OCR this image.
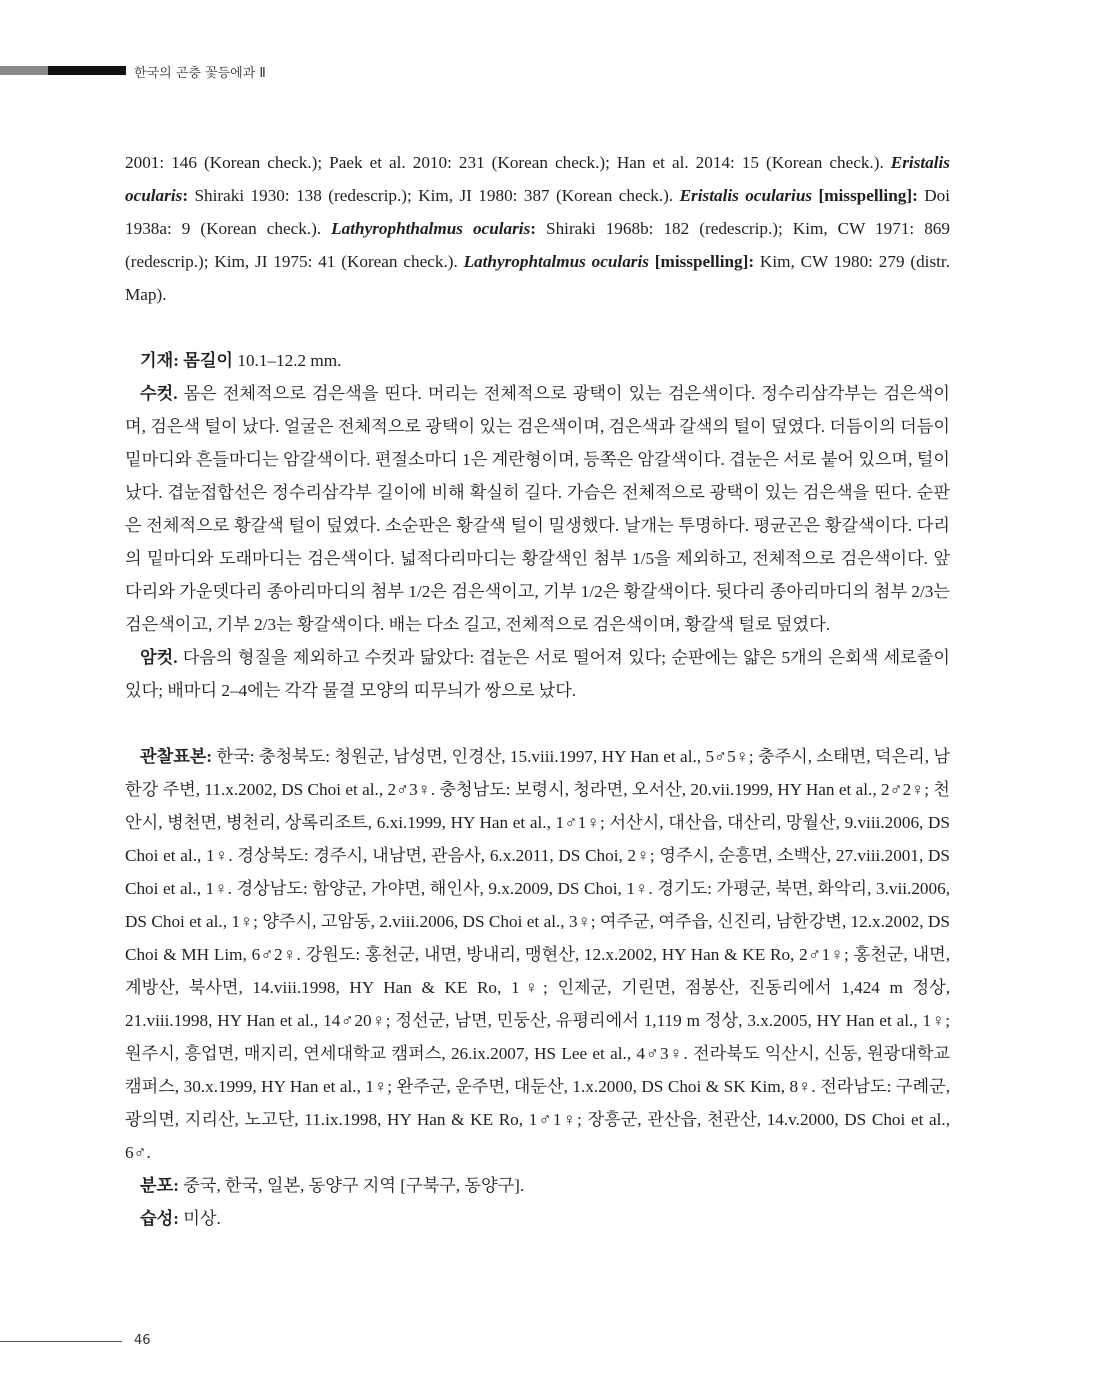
한국의 곤충 꽃등에과 Ⅱ

2001: 146 (Korean check.); Paek et al. 2010: 231 (Korean check.); Han et al. 2014: 15 (Korean check.). Eristalis ocularis: Shiraki 1930: 138 (redescrip.); Kim, JI 1980: 387 (Korean check.). Eristalis ocularius [misspelling]: Doi 1938a: 9 (Korean check.). Lathyrophthalmus ocularis: Shiraki 1968b: 182 (redescrip.); Kim, CW 1971: 869 (redescrip.); Kim, JI 1975: 41 (Korean check.). Lathyrophtalmus ocularis [misspelling]: Kim, CW 1980: 279 (distr. Map).

기재: 몸길이 10.1–12.2 mm.

수컷. 몸은 전체적으로 검은색을 띤다. 머리는 전체적으로 광택이 있는 검은색이다. 정수리삼각부는 검은색이며, 검은색 털이 났다. 얼굴은 전체적으로 광택이 있는 검은색이며, 검은색과 갈색의 털이 덮였다. 더듬이의 더듬이밑마디와 흔들마디는 암갈색이다. 편절소마디 1은 계란형이며, 등쪽은 암갈색이다. 겹눈은 서로 붙어 있으며, 털이 났다. 겹눈접합선은 정수리삼각부 길이에 비해 확실히 길다. 가슴은 전체적으로 광택이 있는 검은색을 띤다. 순판은 전체적으로 황갈색 털이 덮였다. 소순판은 황갈색 털이 밀생했다. 날개는 투명하다. 평균곤은 황갈색이다. 다리의 밑마디와 도래마디는 검은색이다. 넓적다리마디는 황갈색인 첨부 1/5을 제외하고, 전체적으로 검은색이다. 앞다리와 가운뎃다리 종아리마디의 첨부 1/2은 검은색이고, 기부 1/2은 황갈색이다. 뒷다리 종아리마디의 첨부 2/3는 검은색이고, 기부 2/3는 황갈색이다. 배는 다소 길고, 전체적으로 검은색이며, 황갈색 털로 덮였다.

암컷. 다음의 형질을 제외하고 수컷과 닮았다: 겹눈은 서로 떨어져 있다; 순판에는 얇은 5개의 은회색 세로줄이 있다; 배마디 2–4에는 각각 물결 모양의 띠무늬가 쌍으로 났다.

관찰표본: 한국: 충청북도: 청원군, 남성면, 인경산, 15.viii.1997, HY Han et al., 5♂5♀; 충주시, 소태면, 덕은리, 남한강 주변, 11.x.2002, DS Choi et al., 2♂3♀. 충청남도: 보령시, 청라면, 오서산, 20.vii.1999, HY Han et al., 2♂2♀; 천안시, 병천면, 병천리, 상록리조트, 6.xi.1999, HY Han et al., 1♂1♀; 서산시, 대산읍, 대산리, 망월산, 9.viii.2006, DS Choi et al., 1♀. 경상북도: 경주시, 내남면, 관음사, 6.x.2011, DS Choi, 2♀; 영주시, 순흥면, 소백산, 27.viii.2001, DS Choi et al., 1♀. 경상남도: 함양군, 가야면, 해인사, 9.x.2009, DS Choi, 1♀. 경기도: 가평군, 북면, 화악리, 3.vii.2006, DS Choi et al., 1♀; 양주시, 고암동, 2.viii.2006, DS Choi et al., 3♀; 여주군, 여주읍, 신진리, 남한강변, 12.x.2002, DS Choi & MH Lim, 6♂2♀. 강원도: 홍천군, 내면, 방내리, 맹현산, 12.x.2002, HY Han & KE Ro, 2♂1♀; 홍천군, 내면, 계방산, 북사면, 14.viii.1998, HY Han & KE Ro, 1♀; 인제군, 기린면, 점봉산, 진동리에서 1,424 m 정상, 21.viii.1998, HY Han et al., 14♂20♀; 정선군, 남면, 민둥산, 유평리에서 1,119 m 정상, 3.x.2005, HY Han et al., 1♀; 원주시, 흥업면, 매지리, 연세대학교 캠퍼스, 26.ix.2007, HS Lee et al., 4♂3♀. 전라북도 익산시, 신동, 원광대학교 캠퍼스, 30.x.1999, HY Han et al., 1♀; 완주군, 운주면, 대둔산, 1.x.2000, DS Choi & SK Kim, 8♀. 전라남도: 구례군, 광의면, 지리산, 노고단, 11.ix.1998, HY Han & KE Ro, 1♂1♀; 장흥군, 관산읍, 천관산, 14.v.2000, DS Choi et al., 6♂.

분포: 중국, 한국, 일본, 동양구 지역 [구북구, 동양구].

습성: 미상.

46
